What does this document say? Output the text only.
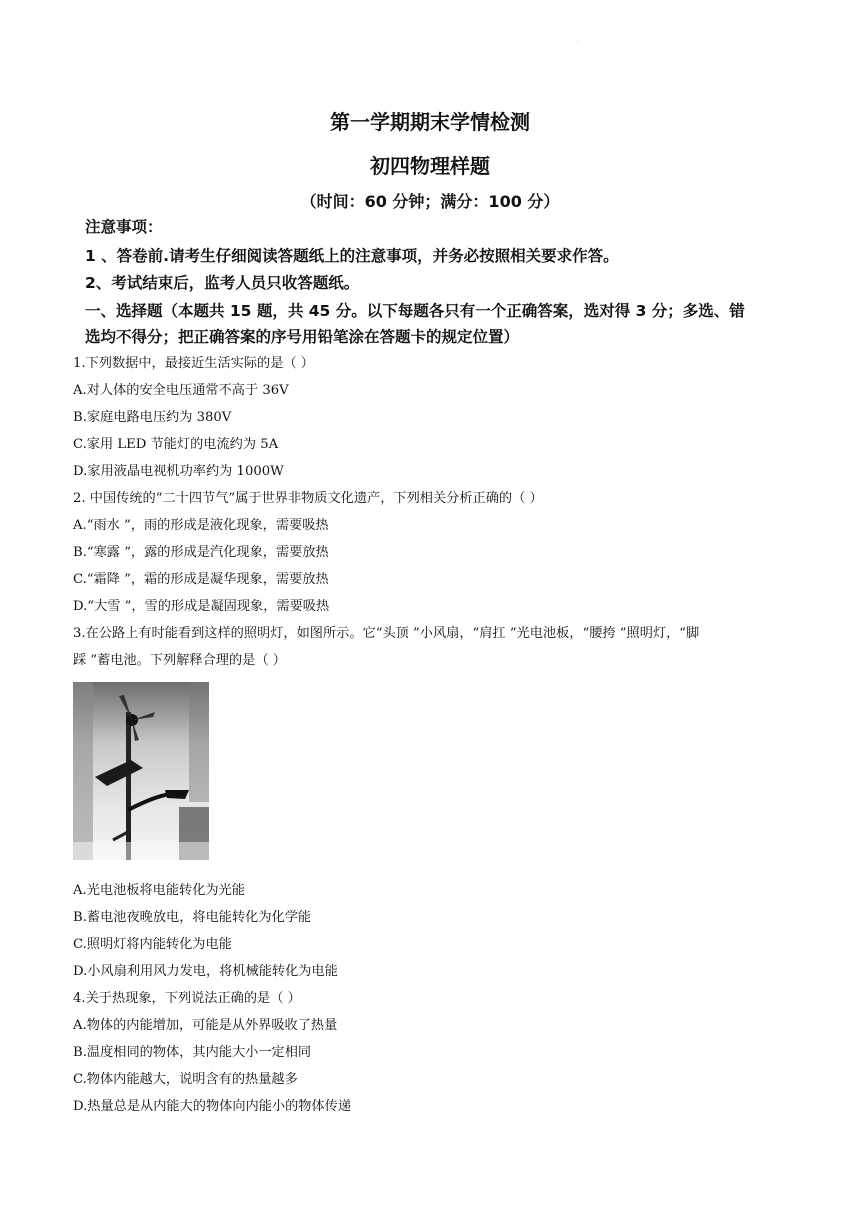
·
第一学期期末学情检测
初四物理样题
（时间：60 分钟；满分：100 分）
注意事项：
1 、答卷前.请考生仔细阅读答题纸上的注意事项，并务必按照相关要求作答。
2、考试结束后，监考人员只收答题纸。
一、选择题（本题共 15 题，共 45 分。以下每题各只有一个正确答案，选对得 3 分；多选、错
选均不得分；把正确答案的序号用铅笔涂在答题卡的规定位置）
1.下列数据中，最接近生活实际的是（ ）
A.对人体的安全电压通常不高于 36V
B.家庭电路电压约为 380V
C.家用 LED 节能灯的电流约为 5A
D.家用液晶电视机功率约为 1000W
2. 中国传统的“二十四节气”属于世界非物质文化遗产，下列相关分析正确的（ ）
A.“雨水 ”，雨的形成是液化现象，需要吸热
B.“寒露 ”，露的形成是汽化现象，需要放热
C.“霜降 ”，霜的形成是凝华现象，需要放热
D.“大雪 ”，雪的形成是凝固现象，需要吸热
3.在公路上有时能看到这样的照明灯，如图所示。它“头顶 ”小风扇，“肩扛 ”光电池板，“腰挎 ”照明灯，“脚
踩 ”蓄电池。下列解释合理的是（ ）
A.光电池板将电能转化为光能
B.蓄电池夜晚放电，将电能转化为化学能
C.照明灯将内能转化为电能
D.小风扇利用风力发电，将机械能转化为电能
4.关于热现象，下列说法正确的是（ ）
A.物体的内能增加，可能是从外界吸收了热量
B.温度相同的物体，其内能大小一定相同
C.物体内能越大，说明含有的热量越多
D.热量总是从内能大的物体向内能小的物体传递
